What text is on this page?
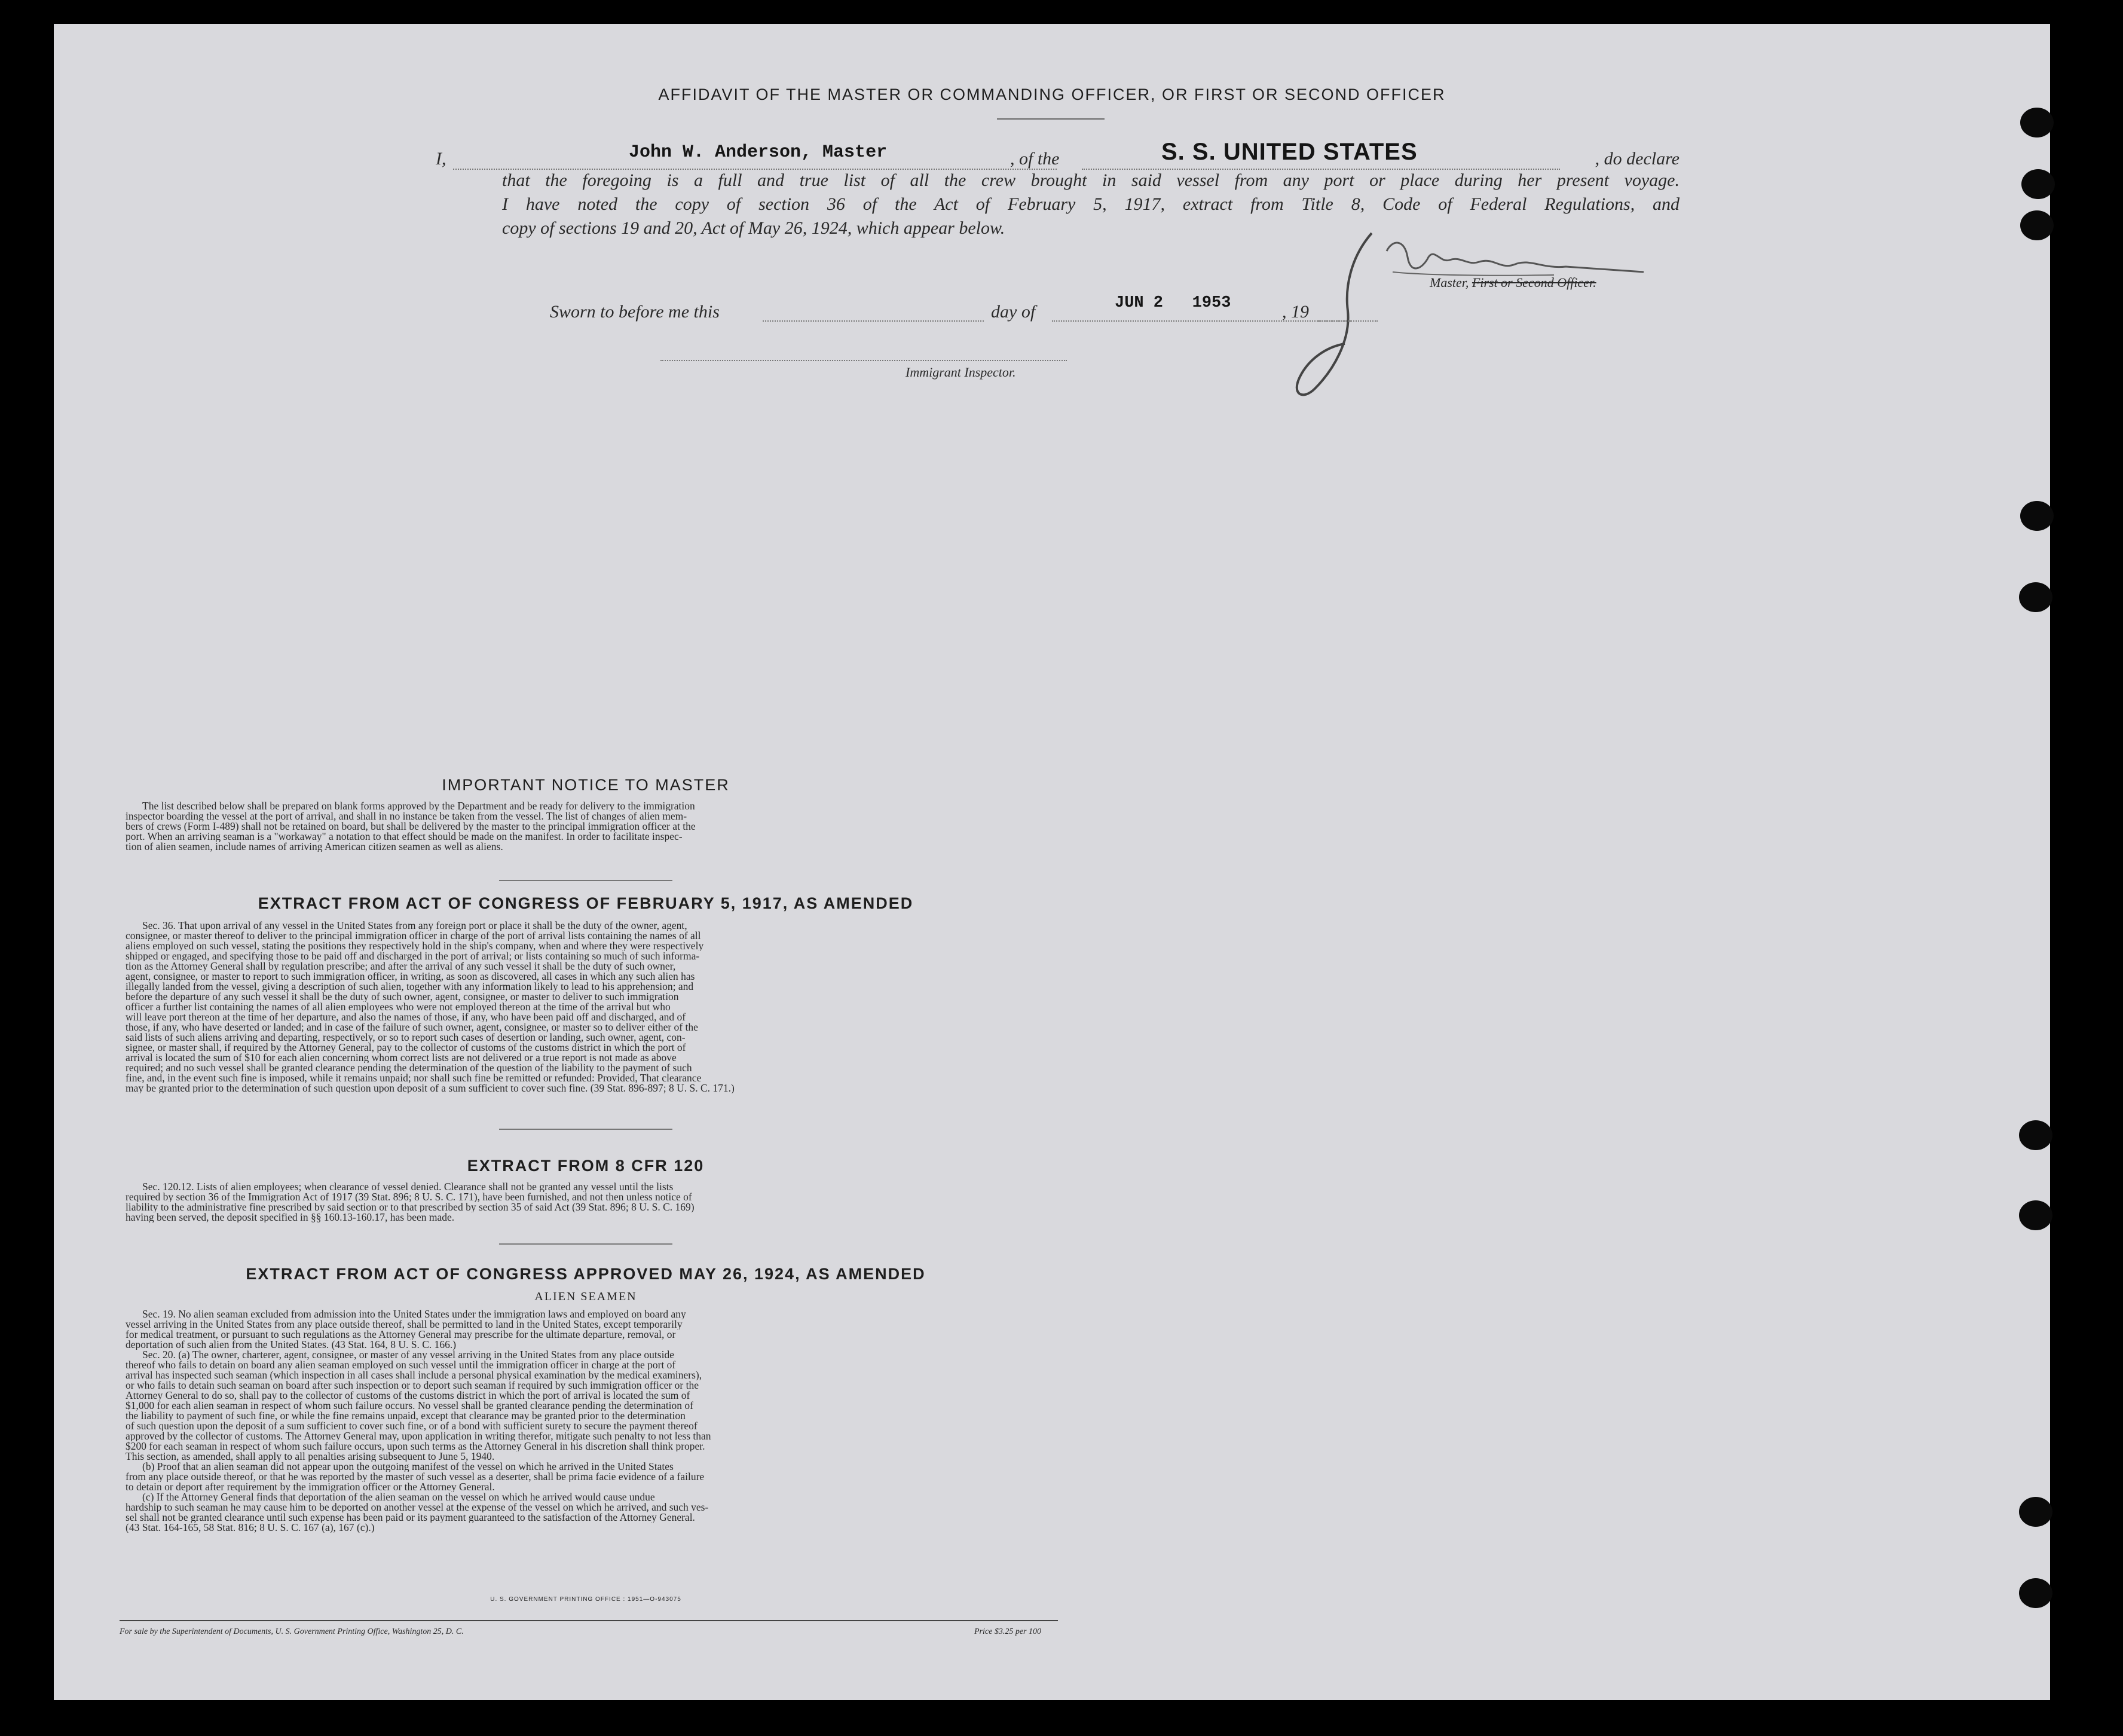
AFFIDAVIT OF THE MASTER OR COMMANDING OFFICER, OR FIRST OR SECOND OFFICER
I,	John W. Anderson, Master	, of the	S. S. UNITED STATES	, do declare
that the foregoing is a full and true list of all the crew brought in said vessel from any port or place during her present voyage.
I have noted the copy of section 36 of the Act of February 5, 1917, extract from Title 8, Code of Federal Regulations, and
copy of sections 19 and 20, Act of May 26, 1924, which appear below.
Master, First or Second Officer.
Sworn to before me this	day of	JUN 2   1953	, 19
Immigrant Inspector.
IMPORTANT NOTICE TO MASTER
The list described below shall be prepared on blank forms approved by the Department and be ready for delivery to the immigration
inspector boarding the vessel at the port of arrival, and shall in no instance be taken from the vessel. The list of changes of alien mem-
bers of crews (Form I-489) shall not be retained on board, but shall be delivered by the master to the principal immigration officer at the
port. When an arriving seaman is a "workaway" a notation to that effect should be made on the manifest. In order to facilitate inspec-
tion of alien seamen, include names of arriving American citizen seamen as well as aliens.
EXTRACT FROM ACT OF CONGRESS OF FEBRUARY 5, 1917, AS AMENDED
Sec. 36. That upon arrival of any vessel in the United States from any foreign port or place it shall be the duty of the owner, agent,
consignee, or master thereof to deliver to the principal immigration officer in charge of the port of arrival lists containing the names of all
aliens employed on such vessel, stating the positions they respectively hold in the ship's company, when and where they were respectively
shipped or engaged, and specifying those to be paid off and discharged in the port of arrival; or lists containing so much of such informa-
tion as the Attorney General shall by regulation prescribe; and after the arrival of any such vessel it shall be the duty of such owner,
agent, consignee, or master to report to such immigration officer, in writing, as soon as discovered, all cases in which any such alien has
illegally landed from the vessel, giving a description of such alien, together with any information likely to lead to his apprehension; and
before the departure of any such vessel it shall be the duty of such owner, agent, consignee, or master to deliver to such immigration
officer a further list containing the names of all alien employees who were not employed thereon at the time of the arrival but who
will leave port thereon at the time of her departure, and also the names of those, if any, who have been paid off and discharged, and of
those, if any, who have deserted or landed; and in case of the failure of such owner, agent, consignee, or master so to deliver either of the
said lists of such aliens arriving and departing, respectively, or so to report such cases of desertion or landing, such owner, agent, con-
signee, or master shall, if required by the Attorney General, pay to the collector of customs of the customs district in which the port of
arrival is located the sum of $10 for each alien concerning whom correct lists are not delivered or a true report is not made as above
required; and no such vessel shall be granted clearance pending the determination of the question of the liability to the payment of such
fine, and, in the event such fine is imposed, while it remains unpaid; nor shall such fine be remitted or refunded: Provided, That clearance
may be granted prior to the determination of such question upon deposit of a sum sufficient to cover such fine. (39 Stat. 896-897; 8 U. S. C. 171.)
EXTRACT FROM 8 CFR 120
Sec. 120.12. Lists of alien employees; when clearance of vessel denied. Clearance shall not be granted any vessel until the lists
required by section 36 of the Immigration Act of 1917 (39 Stat. 896; 8 U. S. C. 171), have been furnished, and not then unless notice of
liability to the administrative fine prescribed by said section or to that prescribed by section 35 of said Act (39 Stat. 896; 8 U. S. C. 169)
having been served, the deposit specified in §§ 160.13-160.17, has been made.
EXTRACT FROM ACT OF CONGRESS APPROVED MAY 26, 1924, AS AMENDED
ALIEN SEAMEN
Sec. 19. No alien seaman excluded from admission into the United States under the immigration laws and employed on board any
vessel arriving in the United States from any place outside thereof, shall be permitted to land in the United States, except temporarily
for medical treatment, or pursuant to such regulations as the Attorney General may prescribe for the ultimate departure, removal, or
deportation of such alien from the United States. (43 Stat. 164, 8 U. S. C. 166.)
Sec. 20. (a) The owner, charterer, agent, consignee, or master of any vessel arriving in the United States from any place outside
thereof who fails to detain on board any alien seaman employed on such vessel until the immigration officer in charge at the port of
arrival has inspected such seaman (which inspection in all cases shall include a personal physical examination by the medical examiners),
or who fails to detain such seaman on board after such inspection or to deport such seaman if required by such immigration officer or the
Attorney General to do so, shall pay to the collector of customs of the customs district in which the port of arrival is located the sum of
$1,000 for each alien seaman in respect of whom such failure occurs. No vessel shall be granted clearance pending the determination of
the liability to payment of such fine, or while the fine remains unpaid, except that clearance may be granted prior to the determination
of such question upon the deposit of a sum sufficient to cover such fine, or of a bond with sufficient surety to secure the payment thereof
approved by the collector of customs. The Attorney General may, upon application in writing therefor, mitigate such penalty to not less than
$200 for each seaman in respect of whom such failure occurs, upon such terms as the Attorney General in his discretion shall think proper.
This section, as amended, shall apply to all penalties arising subsequent to June 5, 1940.
(b) Proof that an alien seaman did not appear upon the outgoing manifest of the vessel on which he arrived in the United States
from any place outside thereof, or that he was reported by the master of such vessel as a deserter, shall be prima facie evidence of a failure
to detain or deport after requirement by the immigration officer or the Attorney General.
(c) If the Attorney General finds that deportation of the alien seaman on the vessel on which he arrived would cause undue
hardship to such seaman he may cause him to be deported on another vessel at the expense of the vessel on which he arrived, and such ves-
sel shall not be granted clearance until such expense has been paid or its payment guaranteed to the satisfaction of the Attorney General.
(43 Stat. 164-165, 58 Stat. 816; 8 U. S. C. 167 (a), 167 (c).)
U. S. GOVERNMENT PRINTING OFFICE : 1951—O-943075
For sale by the Superintendent of Documents, U. S. Government Printing Office, Washington 25, D. C.	Price $3.25 per 100
